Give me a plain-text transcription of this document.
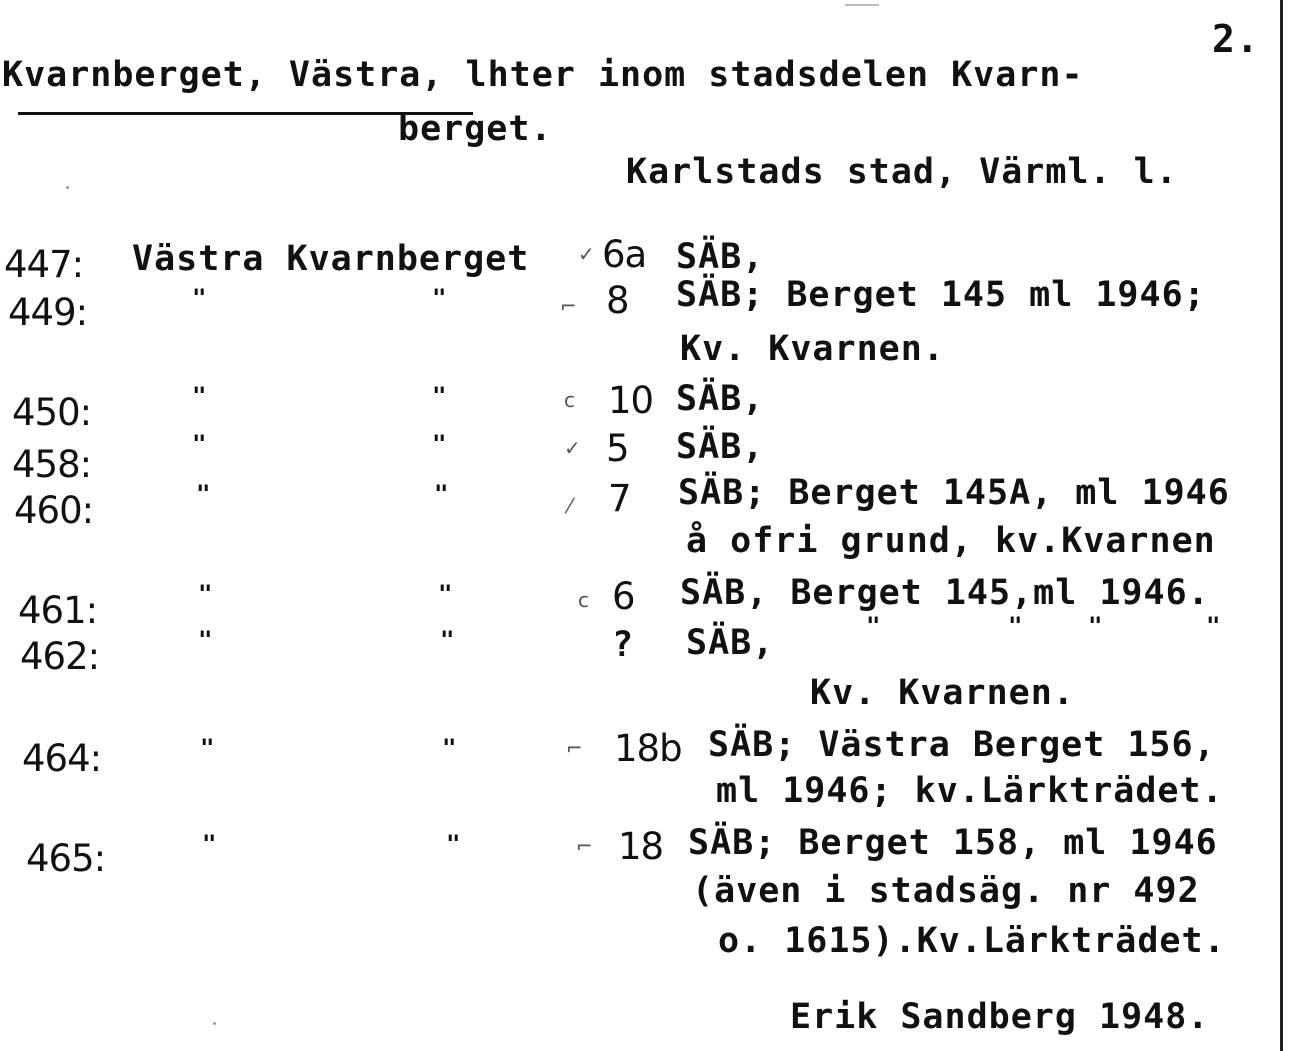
2.
Kvarnberget, Västra, lhter inom stadsdelen Kvarn-
berget.
Karlstads stad, Värml. l.
447: Västra Kvarnberget ✓ 6a SÄB,
449:	"	"	⌐ 8 SÄB; Berget 145 ml 1946;
Kv. Kvarnen.
450:	"	"	c 10 SÄB,
458:	"	"	✓ 5 SÄB,
460:	"	"	⁄ 7 SÄB; Berget 145A, ml 1946
å ofri grund, kv.Kvarnen
461:	"	"	c 6 SÄB, Berget 145,ml 1946.
462:	"	"	? SÄB,	"	"	"	"
Kv. Kvarnen.
464:	"	"	⌐ 18b SÄB; Västra Berget 156,
ml 1946; kv.Lärkträdet.
465:	"	"	⌐ 18 SÄB; Berget 158, ml 1946
(även i stadsäg. nr 492
o. 1615).Kv.Lärkträdet.
Erik Sandberg 1948.
